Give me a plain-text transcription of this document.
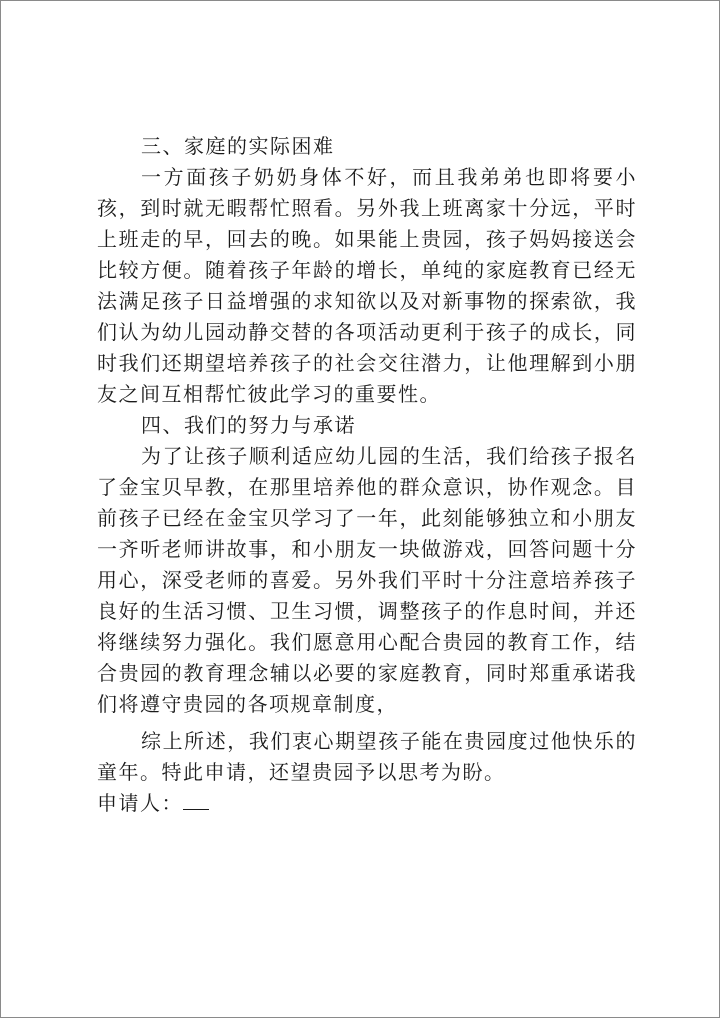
三、家庭的实际困难

一方面孩子奶奶身体不好，而且我弟弟也即将要小孩，到时就无暇帮忙照看。另外我上班离家十分远，平时上班走的早，回去的晚。如果能上贵园，孩子妈妈接送会比较方便。随着孩子年龄的增长，单纯的家庭教育已经无法满足孩子日益增强的求知欲以及对新事物的探索欲，我们认为幼儿园动静交替的各项活动更利于孩子的成长，同时我们还期望培养孩子的社会交往潜力，让他理解到小朋友之间互相帮忙彼此学习的重要性。

四、我们的努力与承诺

为了让孩子顺利适应幼儿园的生活，我们给孩子报名了金宝贝早教，在那里培养他的群众意识，协作观念。目前孩子已经在金宝贝学习了一年，此刻能够独立和小朋友一齐听老师讲故事，和小朋友一块做游戏，回答问题十分用心，深受老师的喜爱。另外我们平时十分注意培养孩子良好的生活习惯、卫生习惯，调整孩子的作息时间，并还将继续努力强化。我们愿意用心配合贵园的教育工作，结合贵园的教育理念辅以必要的家庭教育，同时郑重承诺我们将遵守贵园的各项规章制度，

综上所述，我们衷心期望孩子能在贵园度过他快乐的童年。特此申请，还望贵园予以思考为盼。

申请人：
